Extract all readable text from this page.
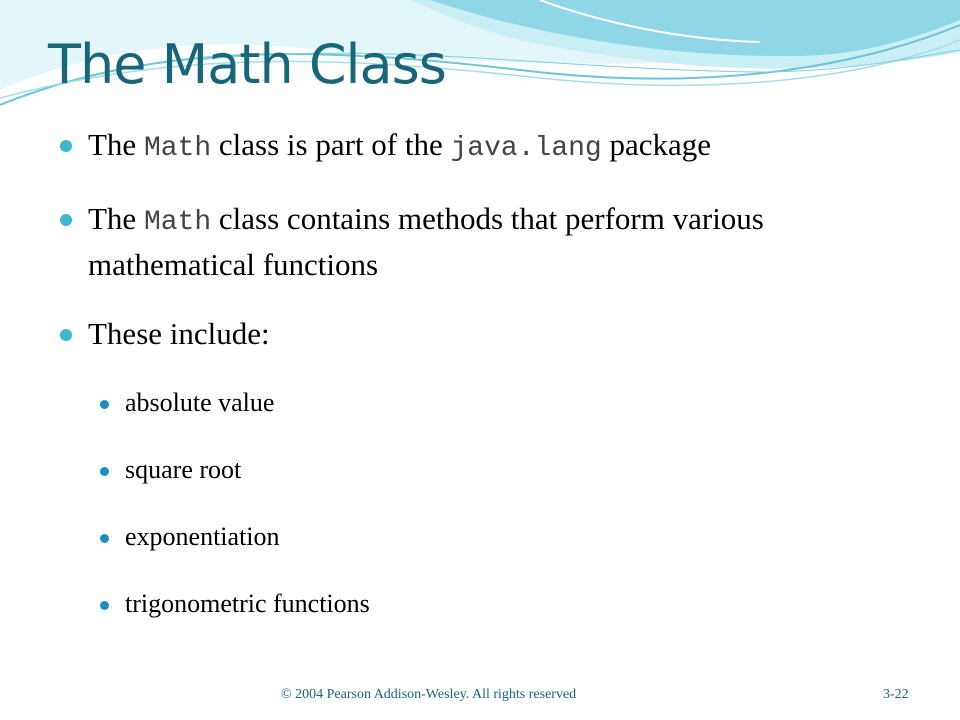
The Math Class
The Math class is part of the java.lang package
The Math class contains methods that perform various mathematical functions
These include:
absolute value
square root
exponentiation
trigonometric functions
© 2004 Pearson Addison-Wesley. All rights reserved	3-22
